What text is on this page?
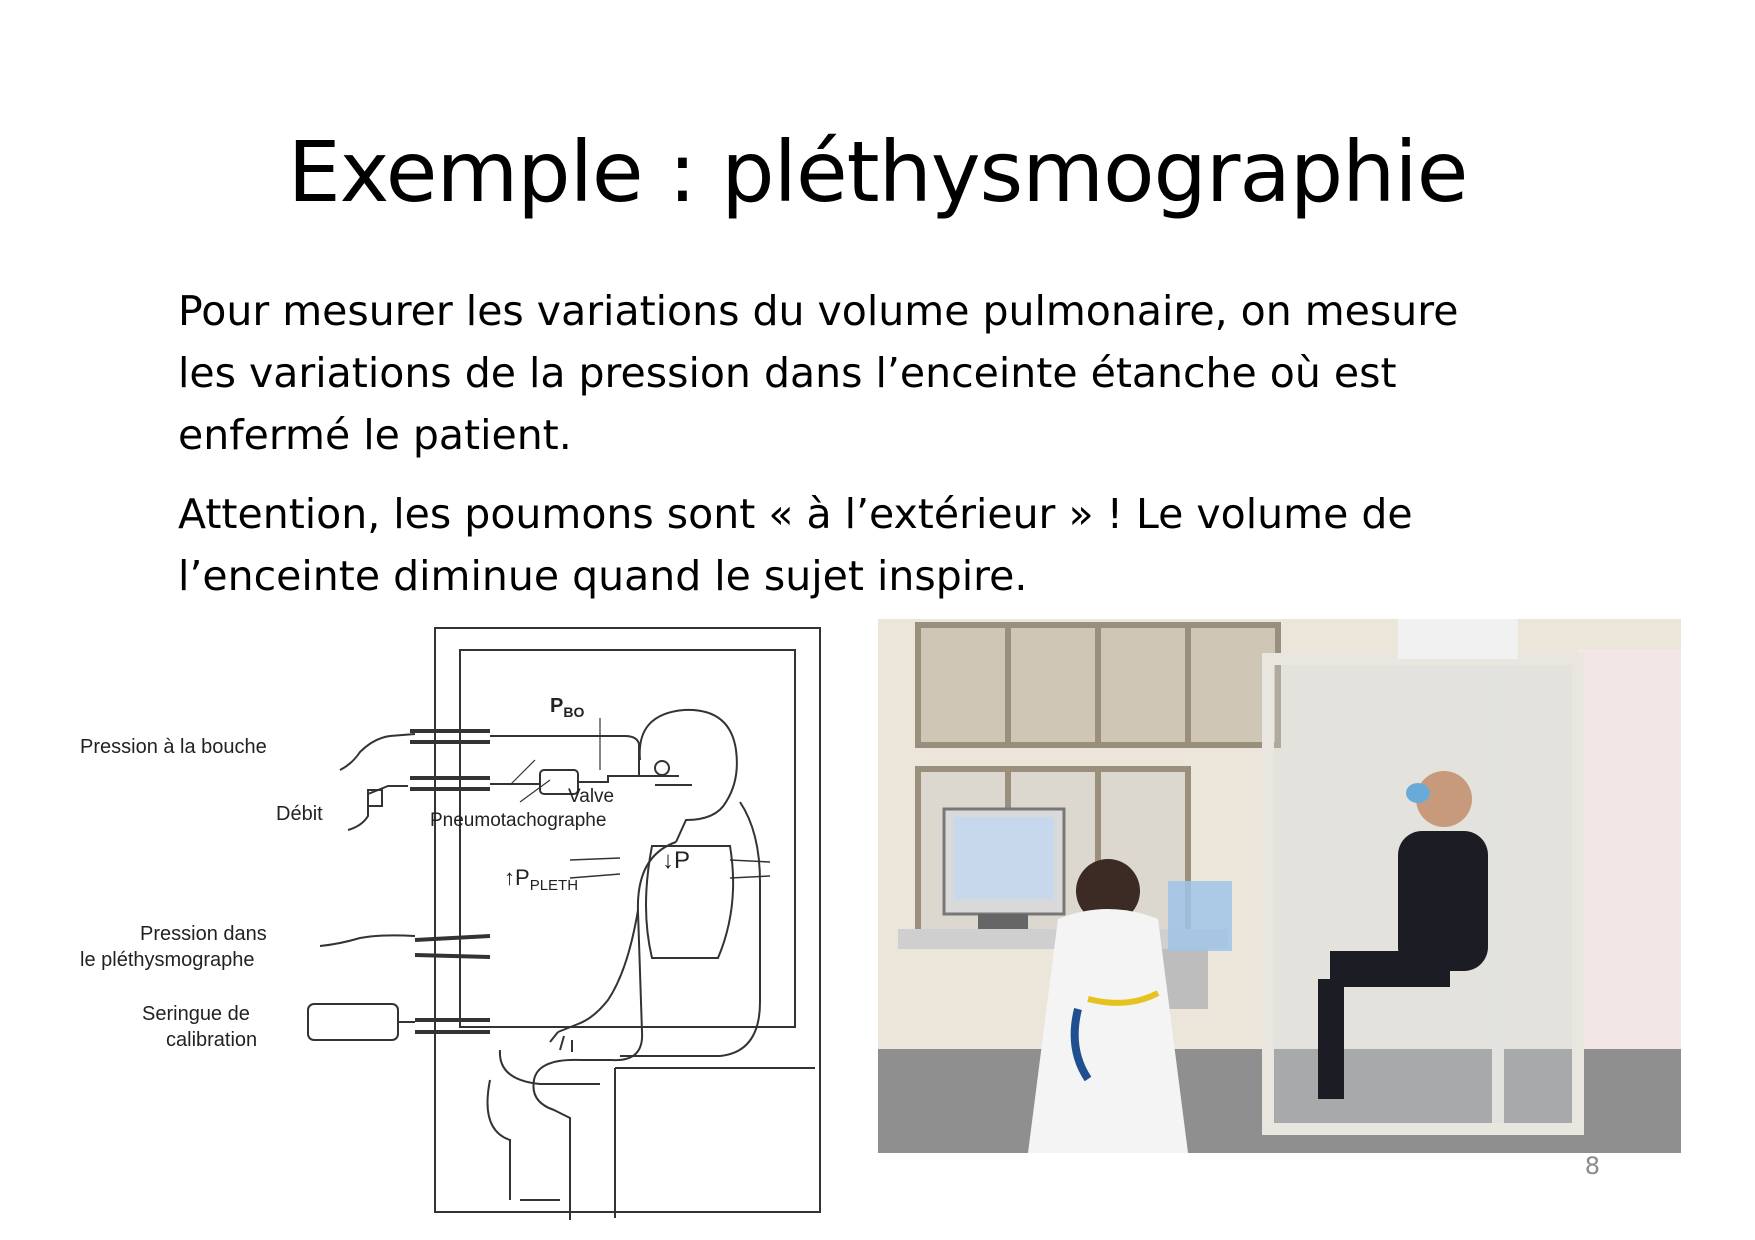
Exemple : pléthysmographie
Pour mesurer les variations du volume pulmonaire, on mesure
les variations de la pression dans l’enceinte étanche où est
enfermé le patient.
Attention, les poumons sont « à l’extérieur » ! Le volume de
l’enceinte diminue quand le sujet inspire.
$P_{BO}$
Pression à la bouche
Débit
Valve
Pneumotachographe
↓P
$↑P_{PLETH}$
Pression dans
le pléthysmographe
Seringue de
calibration
8
